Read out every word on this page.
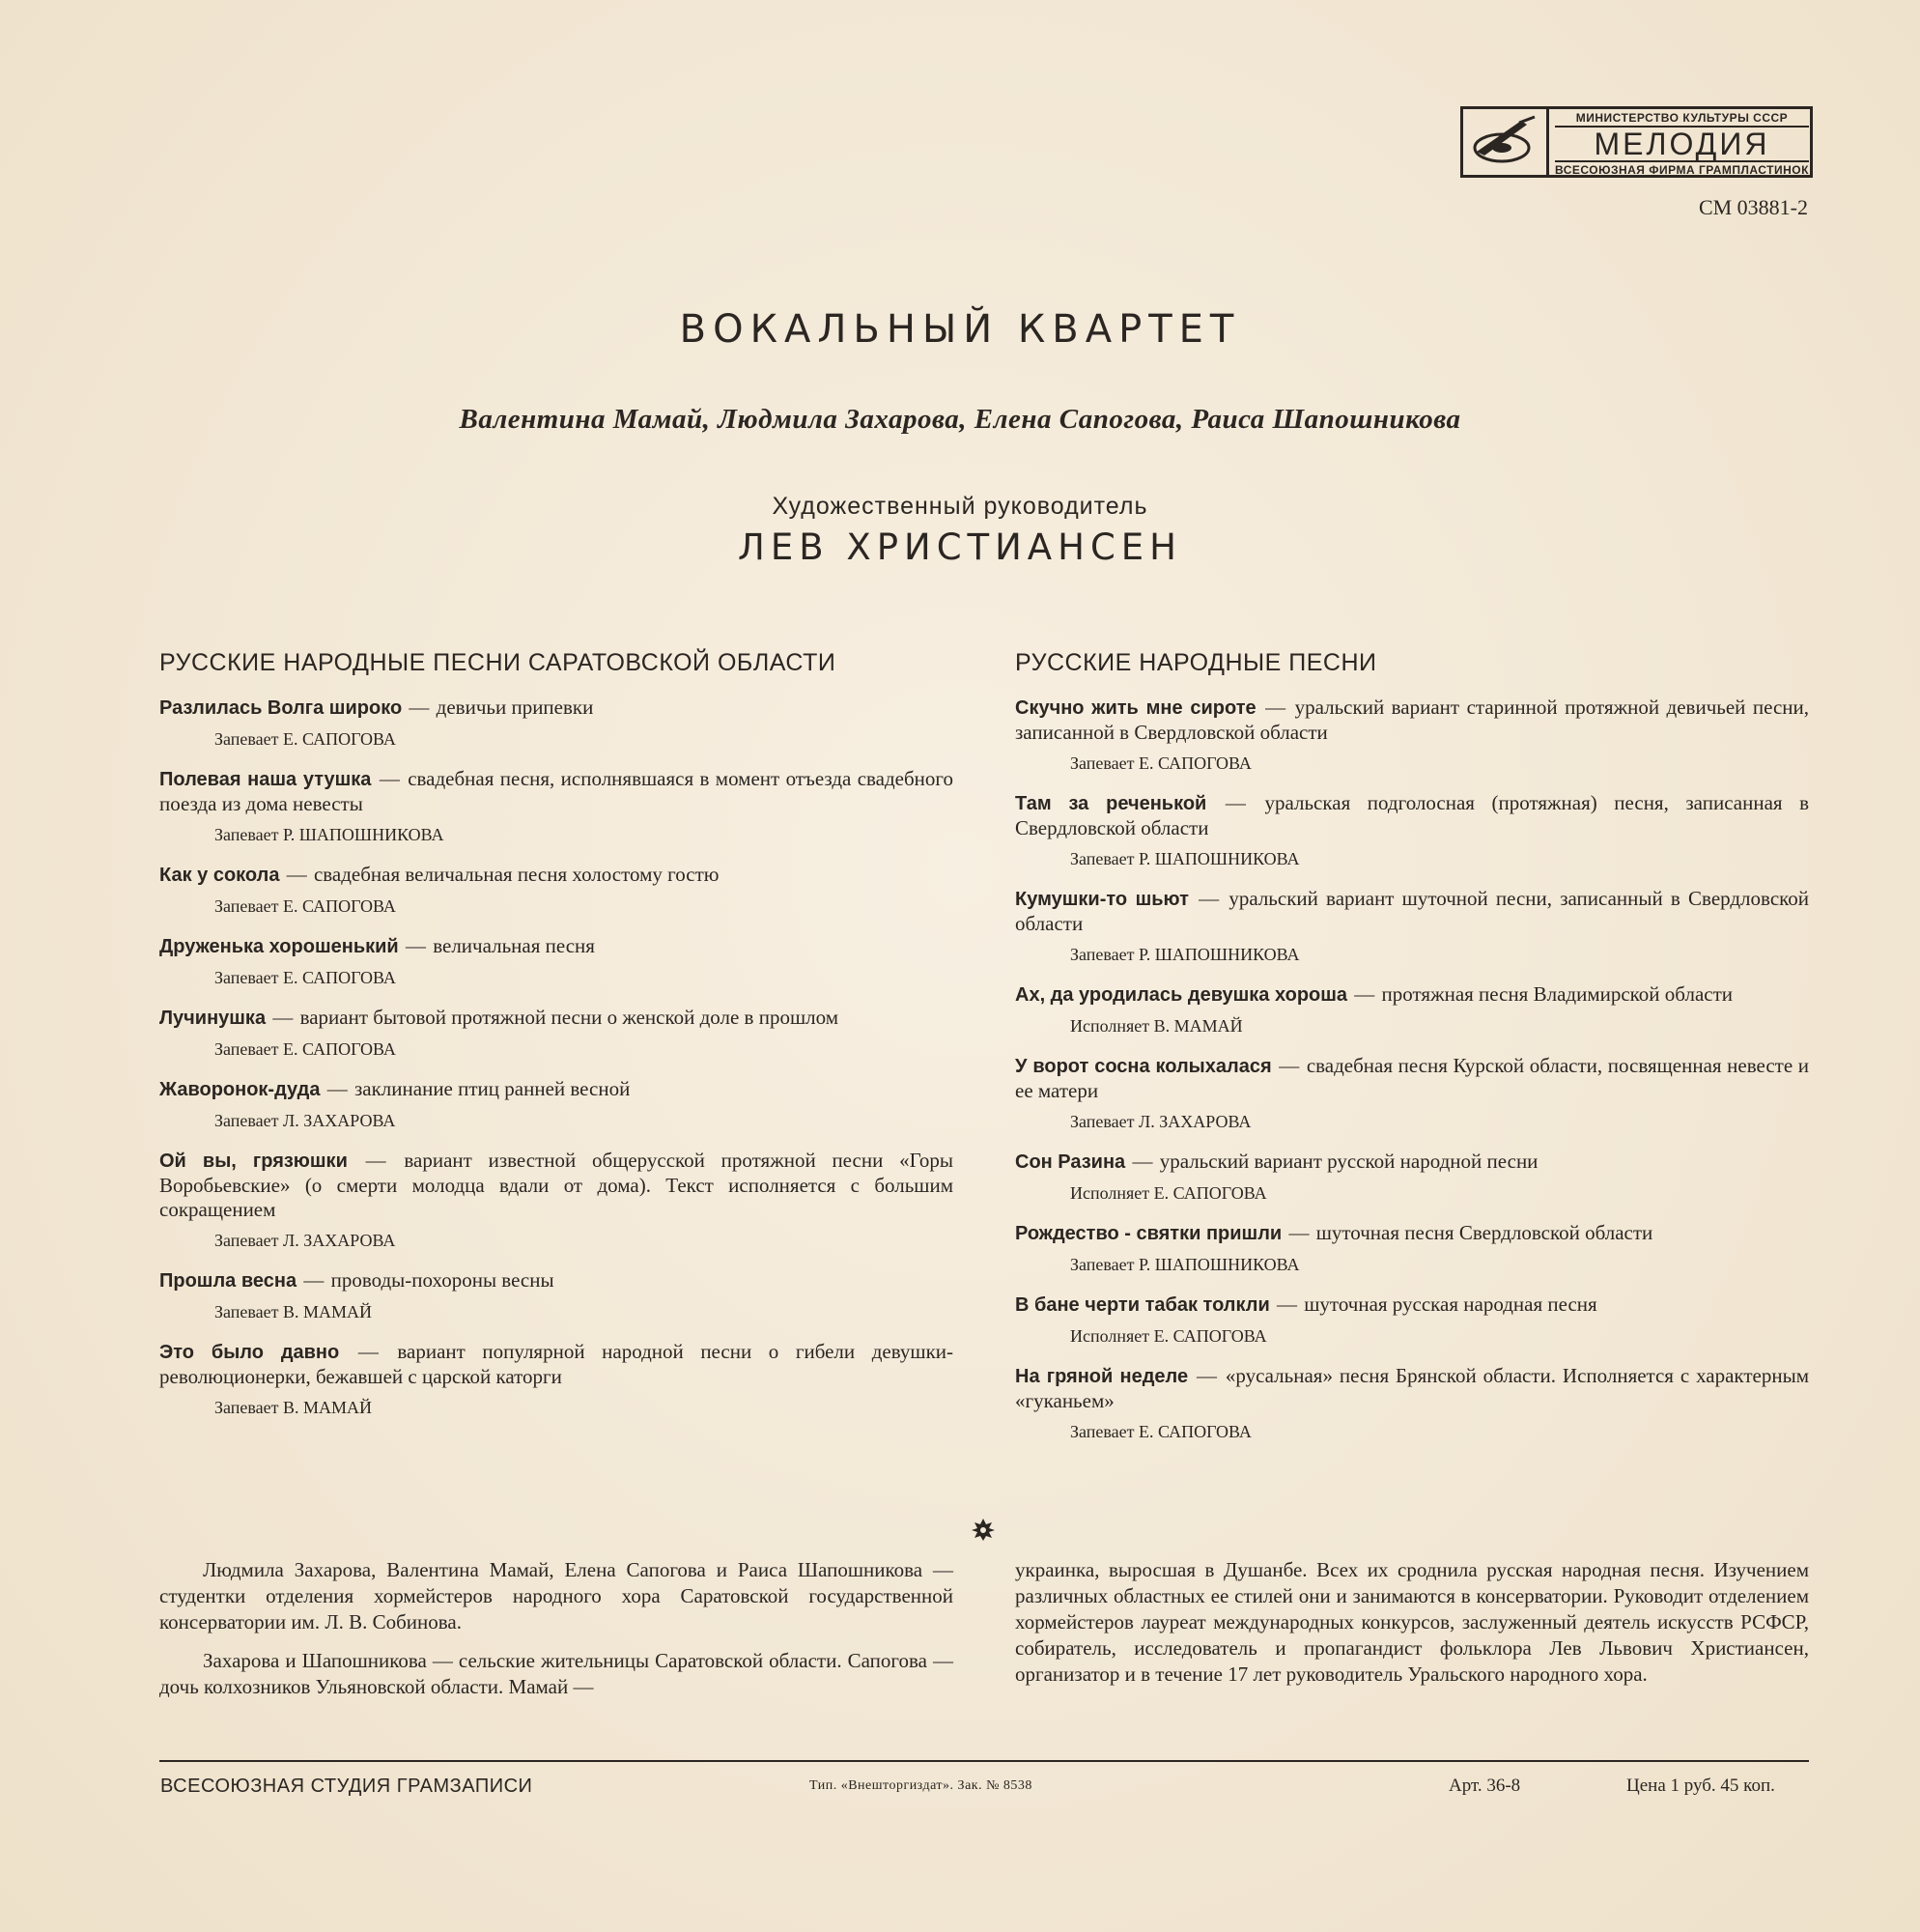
МИНИСТЕРСТВО КУЛЬТУРЫ СССР
МЕЛОДИЯ
ВСЕСОЮЗНАЯ ФИРМА ГРАМПЛАСТИНОК
СМ 03881-2
ВОКАЛЬНЫЙ КВАРТЕТ
Валентина Мамай, Людмила Захарова, Елена Сапогова, Раиса Шапошникова
Художественный руководитель
ЛЕВ ХРИСТИАНСЕН
РУССКИЕ НАРОДНЫЕ ПЕСНИ САРАТОВСКОЙ ОБЛАСТИ
Разлилась Волга широко — девичьи припевки
Запевает Е. САПОГОВА
Полевая наша утушка — свадебная песня, исполнявшаяся в момент отъезда свадебного поезда из дома невесты
Запевает Р. ШАПОШНИКОВА
Как у сокола — свадебная величальная песня холостому гостю
Запевает Е. САПОГОВА
Друженька хорошенький — величальная песня
Запевает Е. САПОГОВА
Лучинушка — вариант бытовой протяжной песни о женской доле в прошлом
Запевает Е. САПОГОВА
Жаворонок-дуда — заклинание птиц ранней весной
Запевает Л. ЗАХАРОВА
Ой вы, грязюшки — вариант известной общерусской протяжной песни «Горы Воробьевские» (о смерти молодца вдали от дома). Текст исполняется с большим сокращением
Запевает Л. ЗАХАРОВА
Прошла весна — проводы-похороны весны
Запевает В. МАМАЙ
Это было давно — вариант популярной народной песни о гибели девушки-революционерки, бежавшей с царской каторги
Запевает В. МАМАЙ
РУССКИЕ НАРОДНЫЕ ПЕСНИ
Скучно жить мне сироте — уральский вариант старинной протяжной девичьей песни, записанной в Свердловской области
Запевает Е. САПОГОВА
Там за реченькой — уральская подголосная (протяжная) песня, записанная в Свердловской области
Запевает Р. ШАПОШНИКОВА
Кумушки-то шьют — уральский вариант шуточной песни, записанный в Свердловской области
Запевает Р. ШАПОШНИКОВА
Ах, да уродилась девушка хороша — протяжная песня Владимирской области
Исполняет В. МАМАЙ
У ворот сосна колыхалася — свадебная песня Курской области, посвященная невесте и ее матери
Запевает Л. ЗАХАРОВА
Сон Разина — уральский вариант русской народной песни
Исполняет Е. САПОГОВА
Рождество - святки пришли — шуточная песня Свердловской области
Запевает Р. ШАПОШНИКОВА
В бане черти табак толкли — шуточная русская народная песня
Исполняет Е. САПОГОВА
На гряной неделе — «русальная» песня Брянской области. Исполняется с характерным «гуканьем»
Запевает Е. САПОГОВА

Людмила Захарова, Валентина Мамай, Елена Сапогова и Раиса Шапошникова — студентки отделения хормейстеров народного хора Саратовской государственной консерватории им. Л. В. Собинова.

Захарова и Шапошникова — сельские жительницы Саратовской области. Сапогова — дочь колхозников Ульяновской области. Мамай —

украинка, выросшая в Душанбе. Всех их сроднила русская народная песня. Изучением различных областных ее стилей они и занимаются в консерватории. Руководит отделением хормейстеров лауреат международных конкурсов, заслуженный деятель искусств РСФСР, собиратель, исследователь и пропагандист фольклора Лев Львович Христиансен, организатор и в течение 17 лет руководитель Уральского народного хора.

ВСЕСОЮЗНАЯ СТУДИЯ ГРАМЗАПИСИ	Тип. «Внешторгиздат». Зак. № 8538	Арт. 36-8	Цена 1 руб. 45 коп.
